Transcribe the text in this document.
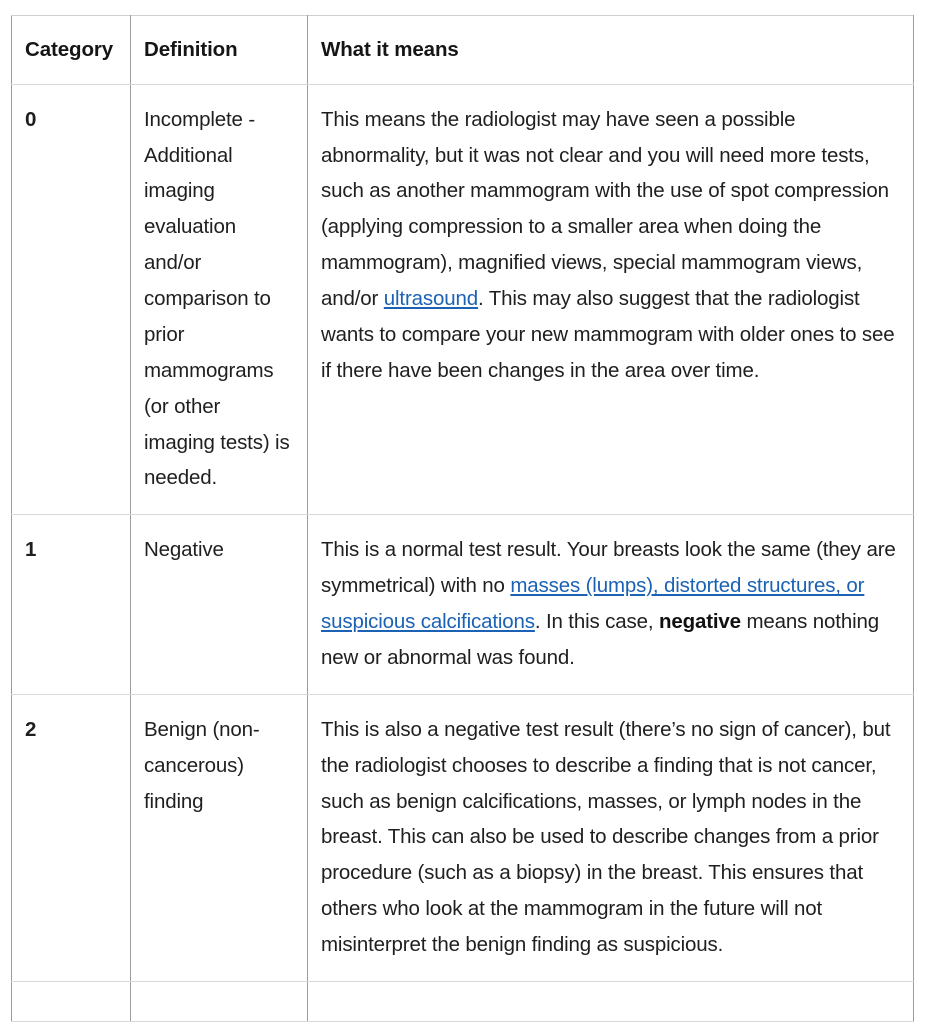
Category	Definition	What it means
0	Incomplete - Additional imaging evaluation and/or comparison to prior mammograms (or other imaging tests) is needed.	This means the radiologist may have seen a possible abnormality, but it was not clear and you will need more tests, such as another mammogram with the use of spot compression (applying compression to a smaller area when doing the mammogram), magnified views, special mammogram views, and/or ultrasound. This may also suggest that the radiologist wants to compare your new mammogram with older ones to see if there have been changes in the area over time.
1	Negative	This is a normal test result. Your breasts look the same (they are symmetrical) with no masses (lumps), distorted structures, or suspicious calcifications. In this case, negative means nothing new or abnormal was found.
2	Benign (non-cancerous) finding	This is also a negative test result (there’s no sign of cancer), but the radiologist chooses to describe a finding that is not cancer, such as benign calcifications, masses, or lymph nodes in the breast. This can also be used to describe changes from a prior procedure (such as a biopsy) in the breast. This ensures that others who look at the mammogram in the future will not misinterpret the benign finding as suspicious.
